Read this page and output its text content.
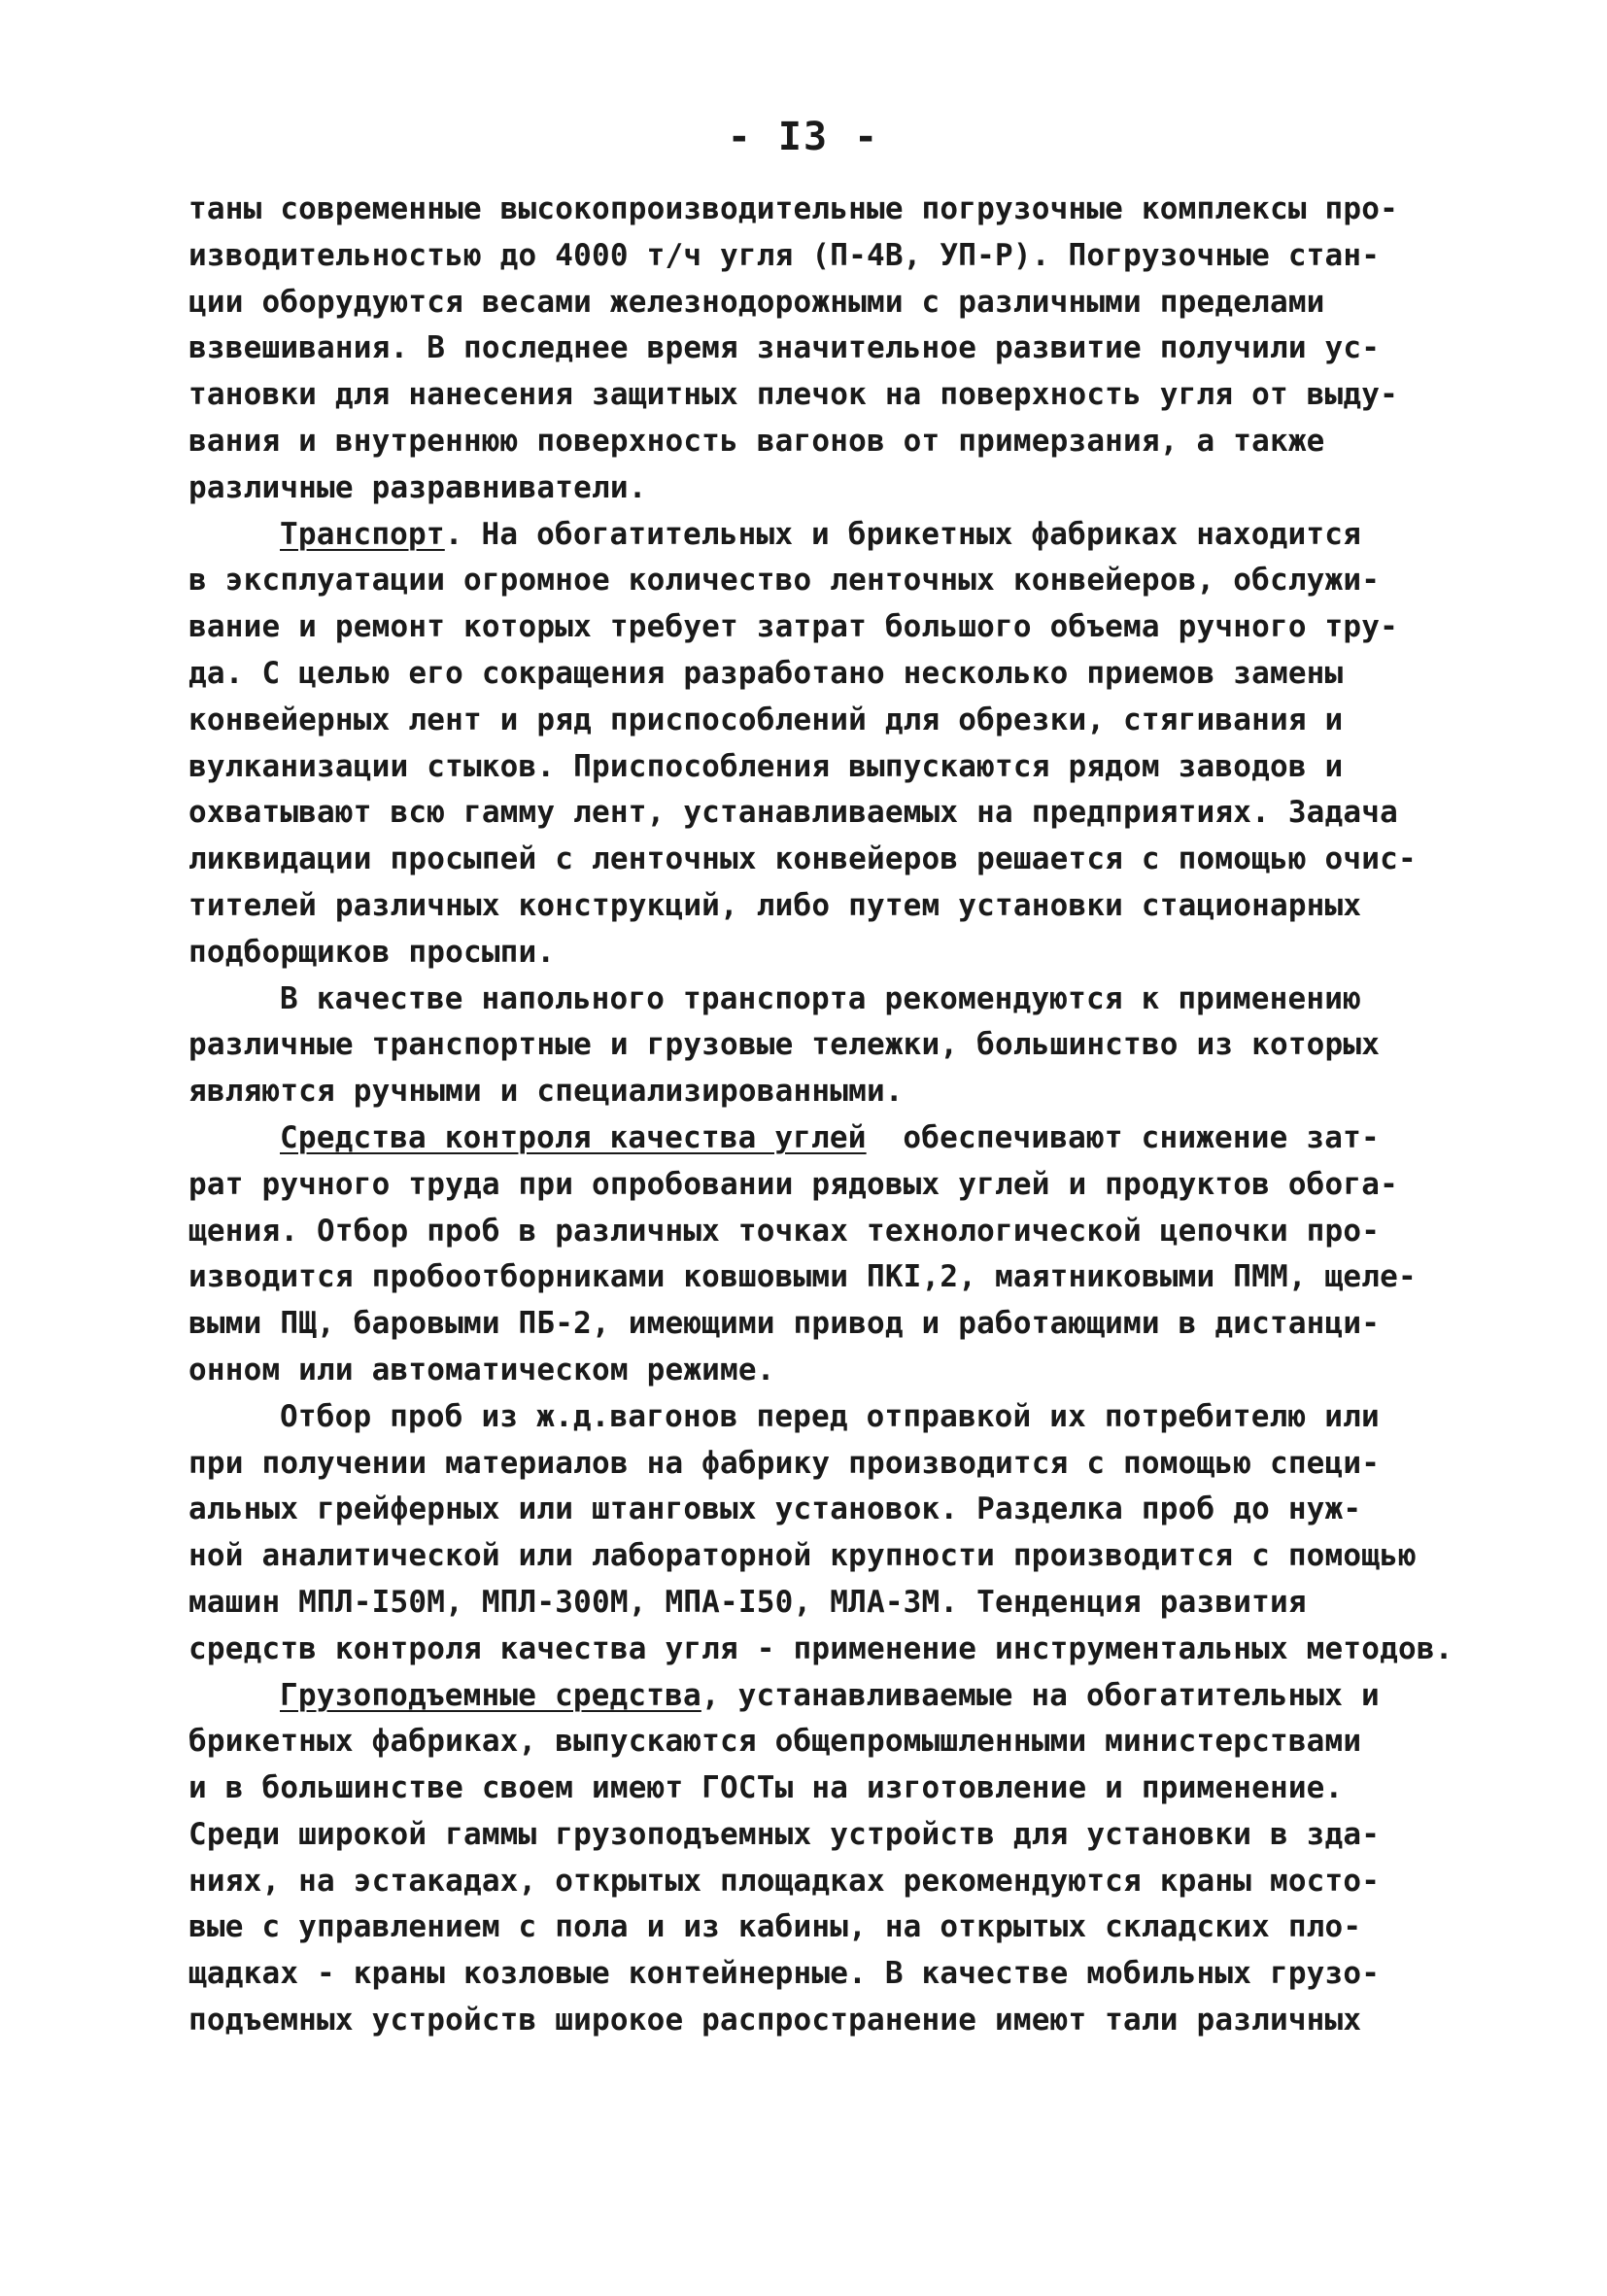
- I3 -
таны современные высокопроизводительные погрузочные комплексы про-
изводительностью до 4000 т/ч угля (П-4В, УП-Р). Погрузочные стан-
ции оборудуются весами железнодорожными с различными пределами
взвешивания. В последнее время значительное развитие получили ус-
тановки для нанесения защитных плечок на поверхность угля от выду-
вания и внутреннюю поверхность вагонов от примерзания, а также
различные разравниватели.
Транспорт. На обогатительных и брикетных фабриках находится
в эксплуатации огромное количество ленточных конвейеров, обслужи-
вание и ремонт которых требует затрат большого объема ручного тру-
да. С целью его сокращения разработано несколько приемов замены
конвейерных лент и ряд приспособлений для обрезки, стягивания и
вулканизации стыков. Приспособления выпускаются рядом заводов и
охватывают всю гамму лент, устанавливаемых на предприятиях. Задача
ликвидации просыпей с ленточных конвейеров решается с помощью очис-
тителей различных конструкций, либо путем установки стационарных
подборщиков просыпи.
В качестве напольного транспорта рекомендуются к применению
различные транспортные и грузовые тележки, большинство из которых
являются ручными и специализированными.
Средства контроля качества углей  обеспечивают снижение зат-
рат ручного труда при опробовании рядовых углей и продуктов обога-
щения. Отбор проб в различных точках технологической цепочки про-
изводится пробоотборниками ковшовыми ПКI,2, маятниковыми ПММ, щеле-
выми ПЩ, баровыми ПБ-2, имеющими привод и работающими в дистанци-
онном или автоматическом режиме.
Отбор проб из ж.д.вагонов перед отправкой их потребителю или
при получении материалов на фабрику производится с помощью специ-
альных грейферных или штанговых установок. Разделка проб до нуж-
ной аналитической или лабораторной крупности производится с помощью
машин МПЛ-I50М, МПЛ-300М, МПА-I50, МЛА-3М. Тенденция развития
средств контроля качества угля - применение инструментальных методов.
Грузоподъемные средства, устанавливаемые на обогатительных и
брикетных фабриках, выпускаются общепромышленными министерствами
и в большинстве своем имеют ГОСТы на изготовление и применение.
Среди широкой гаммы грузоподъемных устройств для установки в зда-
ниях, на эстакадах, открытых площадках рекомендуются краны мосто-
вые с управлением с пола и из кабины, на открытых складских пло-
щадках - краны козловые контейнерные. В качестве мобильных грузо-
подъемных устройств широкое распространение имеют тали различных
